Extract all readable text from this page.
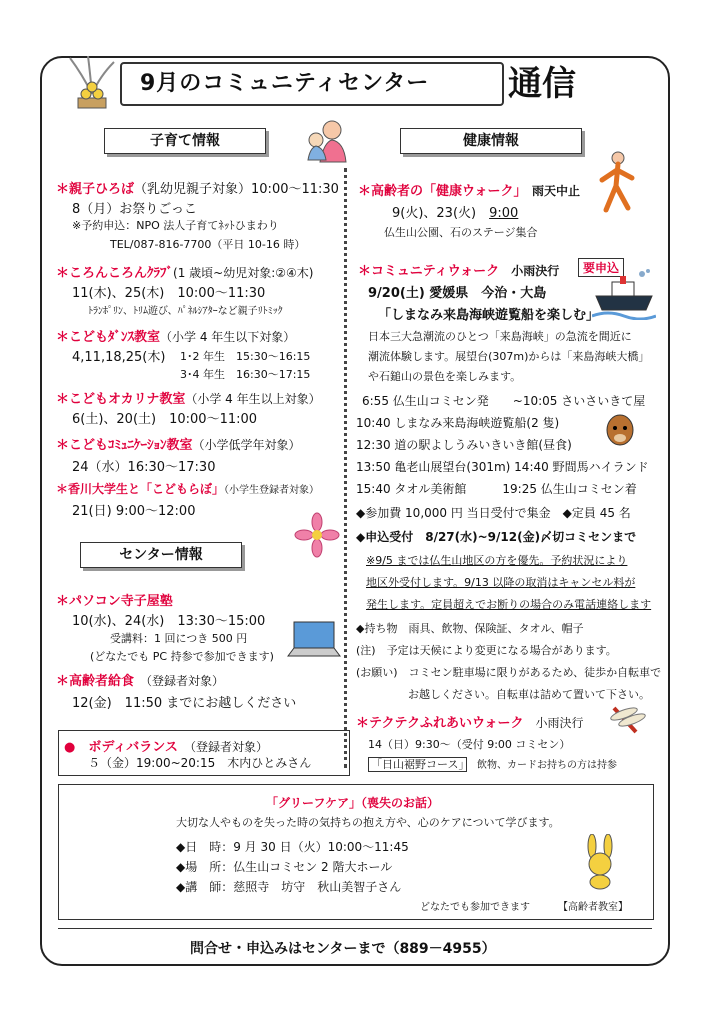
9月のコミュニティセンター 通信
子育て情報
＊親子ひろば（乳幼児親子対象）10:00～11:30
8（月）お祭りごっこ
※予約申込：NPO 法人子育てﾈｯﾄひまわり
TEL/087-816-7700（平日 10-16 時）
＊ころんころんｸﾗﾌﾞ(1 歳頃~幼児対象:②④木)
11(木)、25(木)　10:00～11:30
ﾄﾗﾝﾎﾟﾘﾝ、ﾄﾘﾑ遊び、ﾊﾟﾈﾙｼｱﾀｰなど親子ﾘﾄﾐｯｸ
＊こどもﾀﾞﾝｽ教室（小学 4 年生以下対象）
4,11,18,25(木) 1･2 年生　15:30～16:15
3･4 年生　16:30～17:15
＊こどもオカリナ教室（小学 4 年生以上対象）
6(土)、20(土)　10:00～11:00
＊こどもｺﾐｭﾆｹｰｼｮﾝ教室（小学低学年対象）
24（水）16:30～17:30
＊香川大学生と「こどもらぼ」（小学生登録者対象）
21(日) 9:00～12:00
センター情報
＊パソコン寺子屋塾
10(水)、24(水)　13:30～15:00
受講料：1 回につき 500 円
(どなたでも PC 持参で参加できます)
＊高齢者給食　 （登録者対象）
12(金)　11:50 までにお越しください
●　ボディバランス　 （登録者対象）
５（金）19:00~20:15　木内ひとみさん
健康情報
＊高齢者の「健康ウォーク」　 雨天中止
9(火)、23(火)　 9:00
仏生山公園、石のステージ集合
＊コミュニティウォーク　 小雨決行	要申込
9/20(土) 愛媛県　今治・大島
「しまなみ来島海峡遊覧船を楽しむ」
日本三大急潮流のひとつ「来島海峡」の急流を間近に
潮流体験します。展望台(307m)からは「来島海峡大橋」
や石鎚山の景色を楽しみます。
6:55 仏生山コミセン発　　~10:05 さいさいきて屋
10:40 しまなみ来島海峡遊覧船(2 隻)
12:30 道の駅よしうみいきいき館(昼食)
13:50 亀老山展望台(301m) 14:40 野間馬ハイランド
15:40 タオル美術館　　　19:25 仏生山コミセン着
◆参加費 10,000 円 当日受付で集金　◆定員 45 名
◆申込受付　8/27(水)~9/12(金)〆切コミセンまで
※9/5 までは仏生山地区の方を優先。予約状況により
地区外受付します。9/13 以降の取消はキャンセル料が
発生します。定員超えでお断りの場合のみ電話連絡します
◆持ち物　雨具、飲物、保険証、タオル、帽子
(注)　予定は天候により変更になる場合があります。
(お願い)　コミセン駐車場に限りがあるため、徒歩か自転車で
お越しください。自転車は詰めて置いて下さい。
＊テクテクふれあいウォーク　 小雨決行
14（日）9:30～（受付 9:00 コミセン）
「日山裾野コース」　 飲物、カードお持ちの方は持参
「グリーフケア」（喪失のお話）
大切な人やものを失った時の気持ちの抱え方や、心のケアについて学びます。
◆日　時：9 月 30 日（火）10:00～11:45
◆場　所：仏生山コミセン 2 階大ホール
◆講　師：慈照寺　坊守　秋山美智子さん
どなたでも参加できます	【高齢者教室】
問合せ・申込みはセンターまで（889－4955）
